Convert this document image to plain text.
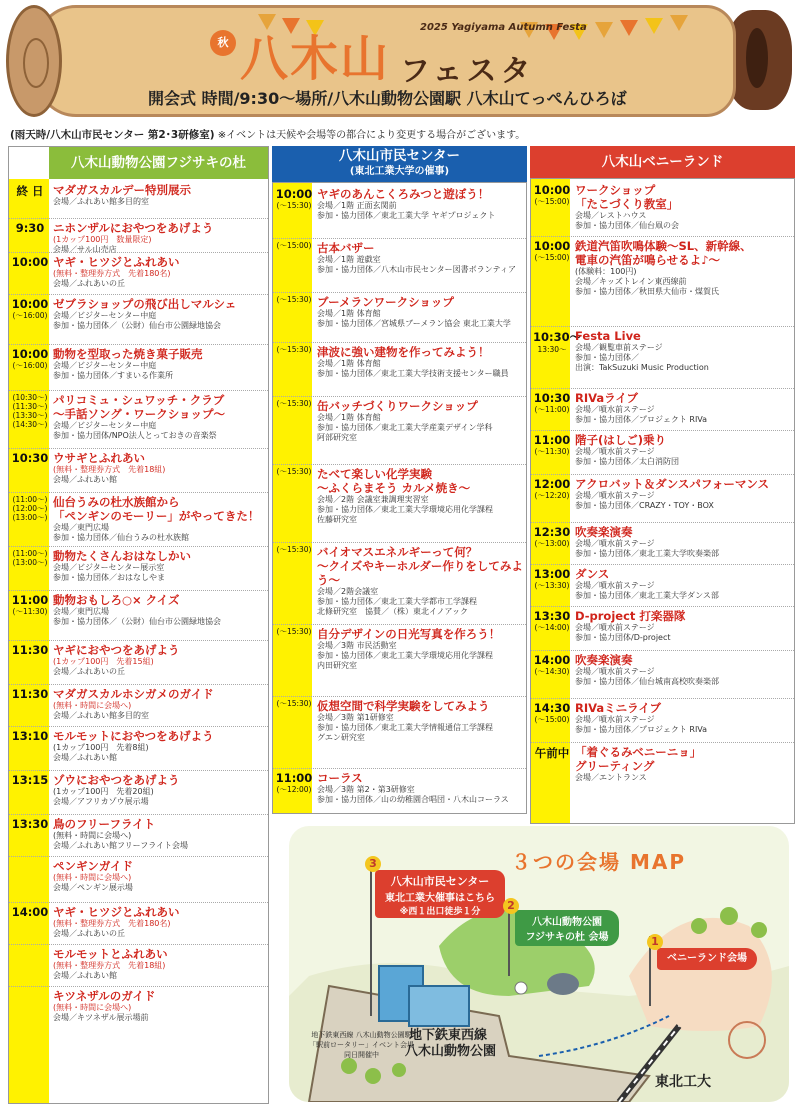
秋 八木山
2025 Yagiyama Autumn Festa
フェスタ
開会式 時間/9:30〜場所/八木山動物公園駅 八木山てっぺんひろば
(雨天時/八木山市民センター 第2･3研修室) ※イベントは天候や会場等の都合により変更する場合がございます。
八木山動物公園フジサキの杜
終 日 マダガスカルデー特別展示
会場／ふれあい館多目的室
9:30 ニホンザルにおやつをあげよう
(1カップ100円　数量限定)
会場／サル山売店
10:00 ヤギ・ヒツジとふれあい
(無料・整理券方式　先着180名)
会場／ふれあいの丘
10:00
(〜16:00)
ゼブラショップの飛び出しマルシェ
会場／ビジターセンター中庭
参加・協力団体／（公財）仙台市公園緑地協会
10:00
(〜16:00)
動物を型取った焼き菓子販売
会場／ビジターセンター中庭
参加・協力団体／すまいる作業所
(10:30〜)(11:30〜)(13:30〜)(14:30〜)
パリコミュ・シュワッチ・クラブ
〜手話ソング・ワークショップ〜
会場／ビジターセンター中庭
参加・協力団体/NPO法人とっておきの音楽祭
10:30 ウサギとふれあい
(無料・整理券方式　先着18組)
会場／ふれあい館
(11:00〜)(12:00〜)(13:00〜)
仙台うみの杜水族館から
「ペンギンのモーリー」がやってきた！
会場／東門広場
参加・協力団体／仙台うみの杜水族館
(11:00〜)(13:00〜) 動物たくさんおはなしかい
会場／ビジターセンター展示室
参加・協力団体／おはなしやま
11:00
(〜11:30)
動物おもしろ○× クイズ
会場／東門広場
参加・協力団体／（公財）仙台市公園緑地協会
11:30 ヤギにおやつをあげよう
(1カップ100円　先着15組)
会場／ふれあいの丘
11:30 マダガスカルホシガメのガイド
(無料・時間に会場へ)
会場／ふれあい館多目的室
13:10 モルモットにおやつをあげよう
(1カップ100円　先着8組)
会場／ふれあい館
13:15 ゾウにおやつをあげよう
(1カップ100円　先着20組)
会場／アフリカゾウ展示場
13:30 鳥のフリーフライト
(無料・時間に会場へ)
会場／ふれあい館フリーフライト会場
ペンギンガイド
(無料・時間に会場へ)
会場／ペンギン展示場
14:00 ヤギ・ヒツジとふれあい
(無料・整理券方式　先着180名)
会場／ふれあいの丘
モルモットとふれあい
(無料・整理券方式　先着18組)
会場／ふれあい館
キツネザルのガイド
(無料・時間に会場へ)
会場／キツネザル展示場前
八木山市民センター
(東北工業大学の催事)
10:00
(〜15:30)
ヤギのあんこくろみつと遊ぼう！
会場／1階 正面玄関前
参加・協力団体／東北工業大学 ヤギプロジェクト
(〜15:00) 古本バザー
会場／1階 遊戯室
参加・協力団体／八木山市民センター図書ボランティア
(〜15:30) ブーメランワークショップ
会場／1階 体育館
参加・協力団体／宮城県ブーメラン協会 東北工業大学
(〜15:30) 津波に強い建物を作ってみよう！
会場／1階 体育館
参加・協力団体／東北工業大学技術支援センター職員
(〜15:30) 缶バッチづくりワークショップ
会場／1階 体育館
参加・協力団体／東北工業大学産業デザイン学科
阿部研究室
(〜15:30) たべて楽しい化学実験
〜ふくらまそう カルメ焼き〜
会場／2階 会議室兼調理実習室
参加・協力団体／東北工業大学環境応用化学課程
佐藤研究室
(〜15:30) バイオマスエネルギーって何？
〜クイズやキーホルダー作りをしてみよう〜
会場／2階会議室
参加・協力団体／東北工業大学都市工学課程
北條研究室　協賛／（株）東北イノアック
(〜15:30) 自分デザインの日光写真を作ろう！
会場／3階 市民活動室
参加・協力団体／東北工業大学環境応用化学課程
内田研究室
(〜15:30) 仮想空間で科学実験をしてみよう
会場／3階 第1研修室
参加・協力団体／東北工業大学情報通信工学課程
グエン研究室
11:00
(〜12:00)
コーラス
会場／3階 第2・第3研修室
参加・協力団体／山の幼稚園合唱団・八木山コーラス
八木山ベニーランド
10:00
(〜15:00)
ワークショップ
「たこづくり教室」
会場／レストハウス
参加・協力団体／仙台凧の会
10:00
(〜15:00)
鉄道汽笛吹鳴体験〜SL、新幹線、
電車の汽笛が鳴らせるよ♪〜
(体験料：100円)
会場／キッズトレイン東西線前
参加・協力団体／秋田県大仙市・煤賀氏
10:30〜
13:30〜
Festa Live
会場／観覧車前ステージ
参加・協力団体／
出演：TakSuzuki Music Production
10:30
(〜11:00)
RIVaライブ
会場／噴水前ステージ
参加・協力団体／プロジェクト RIVa
11:00
(〜11:30)
階子(はしご)乗り
会場／噴水前ステージ
参加・協力団体／太白消防団
12:00
(〜12:20)
アクロバット＆ダンスパフォーマンス
会場／噴水前ステージ
参加・協力団体／CRAZY・TOY・BOX
12:30
(〜13:00)
吹奏楽演奏
会場／噴水前ステージ
参加・協力団体／東北工業大学吹奏楽部
13:00
(〜13:30)
ダンス
会場／噴水前ステージ
参加・協力団体／東北工業大学ダンス部
13:30
(〜14:00)
D-project 打楽器隊
会場／噴水前ステージ
参加・協力団体/D-project
14:00
(〜14:30)
吹奏楽演奏
会場／噴水前ステージ
参加・協力団体／仙台城南高校吹奏楽部
14:30
(〜15:00)
RIVaミニライブ
会場／噴水前ステージ
参加・協力団体／プロジェクト RIVa
午前中 「着ぐるみベニーニョ」
グリーティング
会場／エントランス
３つの会場 MAP
八木山市民センター
東北工業大催事はこちら
※西１出口徒歩１分
3
八木山動物公園
フジサキの杜 会場
2
ベニーランド会場
1
地下鉄東西線
八木山動物公園
地下鉄東西線 八木山動物公園駅
「駅前ロータリー」イベント会場
同日開催中
東北工大
